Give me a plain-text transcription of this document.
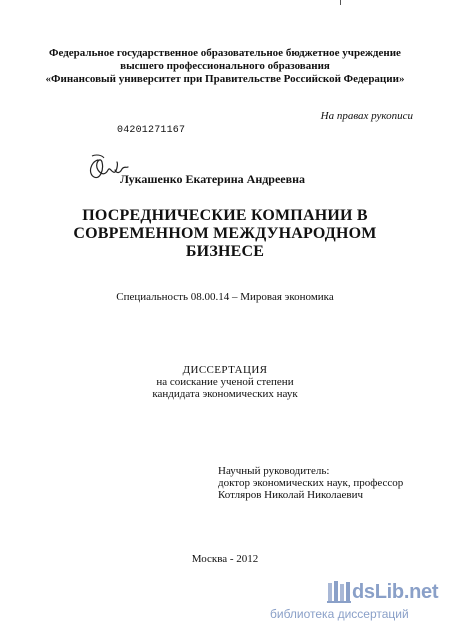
Федеральное государственное образовательное бюджетное учреждение
высшего профессионального образования
«Финансовый университет при Правительстве Российской Федерации»
На правах рукописи
04201271167
Лукашенко Екатерина Андреевна
ПОСРЕДНИЧЕСКИЕ КОМПАНИИ В
СОВРЕМЕННОМ МЕЖДУНАРОДНОМ
БИЗНЕСЕ
Специальность 08.00.14 – Мировая экономика
ДИССЕРТАЦИЯ
на соискание ученой степени
кандидата экономических наук
Научный руководитель:
доктор экономических наук, профессор
Котляров Николай Николаевич
Москва - 2012
dsLib.net
библиотека диссертаций
